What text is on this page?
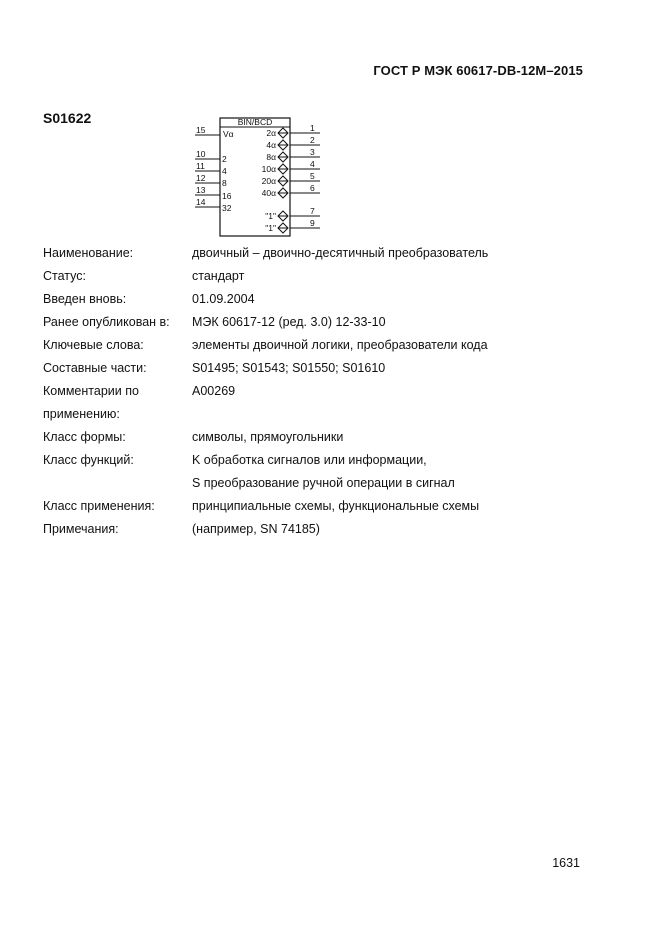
ГОСТ Р МЭК 60617-DB-12M–2015
S01622	BIN/BCD
Vα
15
10 2
11 4
12 8
13
16
14
32
2α	1
4α	2
8α	3
10α	4
20α	5
40α	6
"1"	7
"1"	9
Наименование:	двоичный – двоично-десятичный преобразователь
Статус:	стандарт
Введен вновь:	01.09.2004
Ранее опубликован в:	МЭК 60617-12 (ред. 3.0) 12-33-10
Ключевые слова:	элементы двоичной логики, преобразователи кода
Составные части:	S01495; S01543; S01550; S01610
Комментарии по	A00269
применению:
Класс формы:	символы, прямоугольники
Класс функций:	K обработка сигналов или информации,
S преобразование ручной операции в сигнал
Класс применения:	принципиальные схемы, функциональные схемы
Примечания:	(например, SN 74185)
1631
